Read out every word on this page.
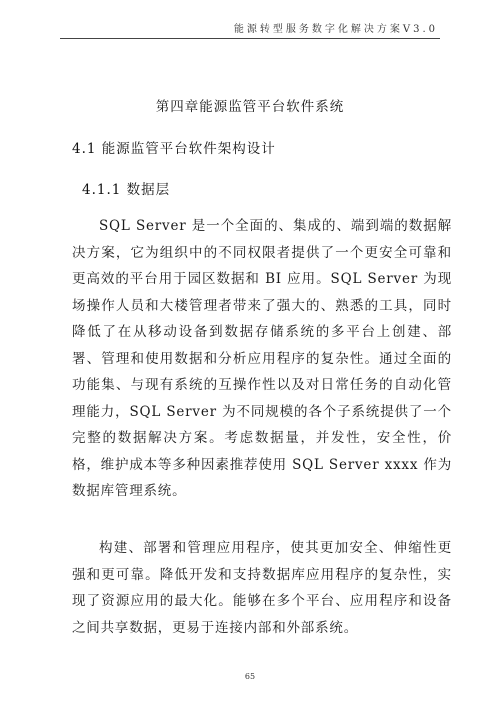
能源转型服务数字化解决方案V3.0
第四章能源监管平台软件系统
4.1 能源监管平台软件架构设计
4.1.1 数据层

SQL Server 是一个全面的、集成的、端到端的数据解决方案，它为组织中的不同权限者提供了一个更安全可靠和更高效的平台用于园区数据和 BI 应用。SQL Server 为现场操作人员和大楼管理者带来了强大的、熟悉的工具，同时降低了在从移动设备到数据存储系统的多平台上创建、部署、管理和使用数据和分析应用程序的复杂性。通过全面的功能集、与现有系统的互操作性以及对日常任务的自动化管理能力，SQL Server 为不同规模的各个子系统提供了一个完整的数据解决方案。考虑数据量，并发性，安全性，价格，维护成本等多种因素推荐使用 SQL Server xxxx 作为数据库管理系统。

构建、部署和管理应用程序，使其更加安全、伸缩性更强和更可靠。降低开发和支持数据库应用程序的复杂性，实现了资源应用的最大化。能够在多个平台、应用程序和设备之间共享数据，更易于连接内部和外部系统。

65
